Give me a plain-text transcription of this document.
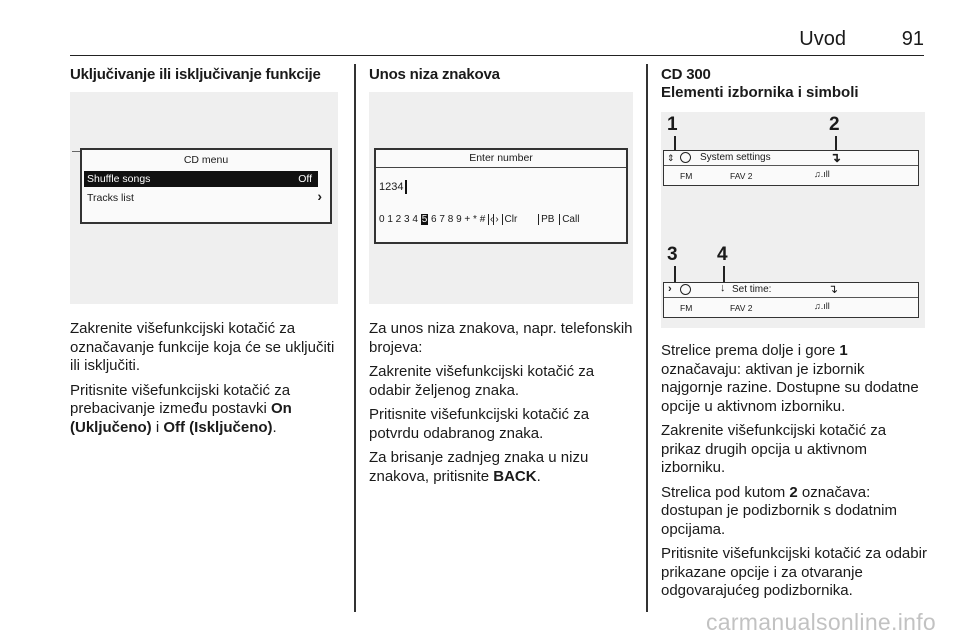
Uvod	91
Uključivanje ili isključivanje funkcije
CD menu
Shuffle songs	Off
Tracks list	›

Zakrenite višefunkcijski kotačić za označavanje funkcije koja će se uključiti ili isključiti.

Pritisnite višefunkcijski kotačić za prebacivanje između postavki On (Uključeno) i Off (Isključeno).

Unos niza znakova
Enter number
1234
0 1 2 3 4 5 6 7 8 9 + * # ‹ › Clr PB Call

Za unos niza znakova, napr. telefonskih brojeva:

Zakrenite višefunkcijski kotačić za odabir željenog znaka.

Pritisnite višefunkcijski kotačić za potvrdu odabranog znaka.

Za brisanje zadnjeg znaka u nizu znakova, pritisnite BACK.

CD 300
Elementi izbornika i simboli
1	2
⇕	System settings	↴
FM	FAV 2	♫.ıll
3 4
›	↓ Set time:	↴
FM	FAV 2	♫.ıll

Strelice prema dolje i gore 1 označavaju: aktivan je izbornik najgornje razine. Dostupne su dodatne opcije u aktivnom izborniku.

Zakrenite višefunkcijski kotačić za prikaz drugih opcija u aktivnom izborniku.

Strelica pod kutom 2 označava: dostupan je podizbornik s dodatnim opcijama.

Pritisnite višefunkcijski kotačić za odabir prikazane opcije i za otvaranje odgovarajućeg podizbornika.

carmanualsonline.info
